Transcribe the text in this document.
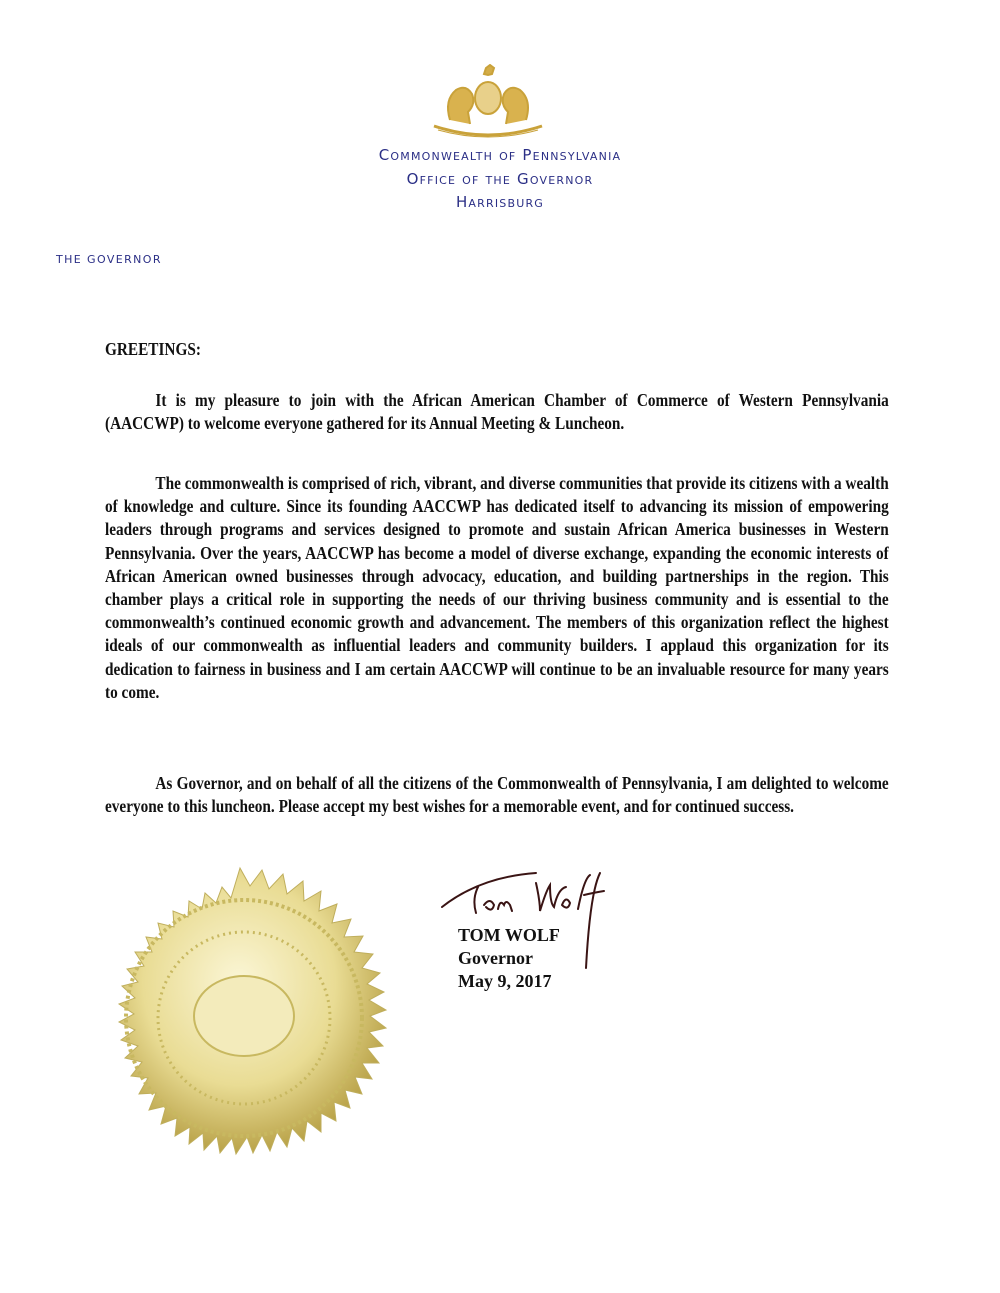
Commonwealth of Pennsylvania
Office of the Governor
Harrisburg
THE GOVERNOR
GREETINGS:
It is my pleasure to join with the African American Chamber of Commerce of Western Pennsylvania (AACCWP) to welcome everyone gathered for its Annual Meeting & Luncheon.
The commonwealth is comprised of rich, vibrant, and diverse communities that provide its citizens with a wealth of knowledge and culture. Since its founding AACCWP has dedicated itself to advancing its mission of empowering leaders through programs and services designed to promote and sustain African America businesses in Western Pennsylvania. Over the years, AACCWP has become a model of diverse exchange, expanding the economic interests of African American owned businesses through advocacy, education, and building partnerships in the region. This chamber plays a critical role in supporting the needs of our thriving business community and is essential to the commonwealth’s continued economic growth and advancement. The members of this organization reflect the highest ideals of our commonwealth as influential leaders and community builders. I applaud this organization for its dedication to fairness in business and I am certain AACCWP will continue to be an invaluable resource for many years to come.
As Governor, and on behalf of all the citizens of the Commonwealth of Pennsylvania, I am delighted to welcome everyone to this luncheon. Please accept my best wishes for a memorable event, and for continued success.
TOM WOLF
Governor
May 9, 2017
